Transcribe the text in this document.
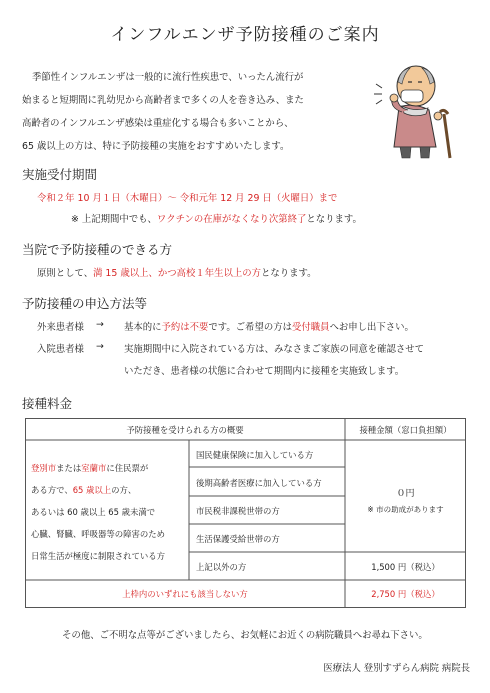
インフルエンザ予防接種のご案内
季節性インフルエンザは一般的に流行性疾患で、いったん流行が
始まると短期間に乳幼児から高齢者まで多くの人を巻き込み、また
高齢者のインフルエンザ感染は重症化する場合も多いことから、
65 歳以上の方は、特に予防接種の実施をおすすめいたします。
実施受付期間
令和２年 10 月１日（木曜日）～ 令和元年 12 月 29 日（火曜日）まで
※ 上記期間中でも、ワクチンの在庫がなくなり次第終了となります。
当院で予防接種のできる方
原則として、満 15 歳以上、かつ高校１年生以上の方となります。
予防接種の申込方法等
外来患者様 → 基本的に予約は不要です。ご希望の方は受付職員へお申し出下さい。
入院患者様 → 実施期間中に入院されている方は、みなさまご家族の同意を確認させて
いただき、患者様の状態に合わせて期間内に接種を実施致します。
接種料金
予防接種を受けられる方の概要	接種金額（窓口負担額）
登別市または室蘭市に住民票が
ある方で、65 歳以上の方、
あるいは 60 歳以上 65 歳未満で
心臓、腎臓、呼吸器等の障害のため
日常生活が極度に制限されている方
国民健康保険に加入している方
後期高齢者医療に加入している方
市民税非課税世帯の方
生活保護受給世帯の方
上記以外の方
０円
※ 市の助成があります
1,500 円（税込）
上枠内のいずれにも該当しない方	2,750 円（税込）
その他、ご不明な点等がございましたら、お気軽にお近くの病院職員へお尋ね下さい。
医療法人 登別すずらん病院 病院長
